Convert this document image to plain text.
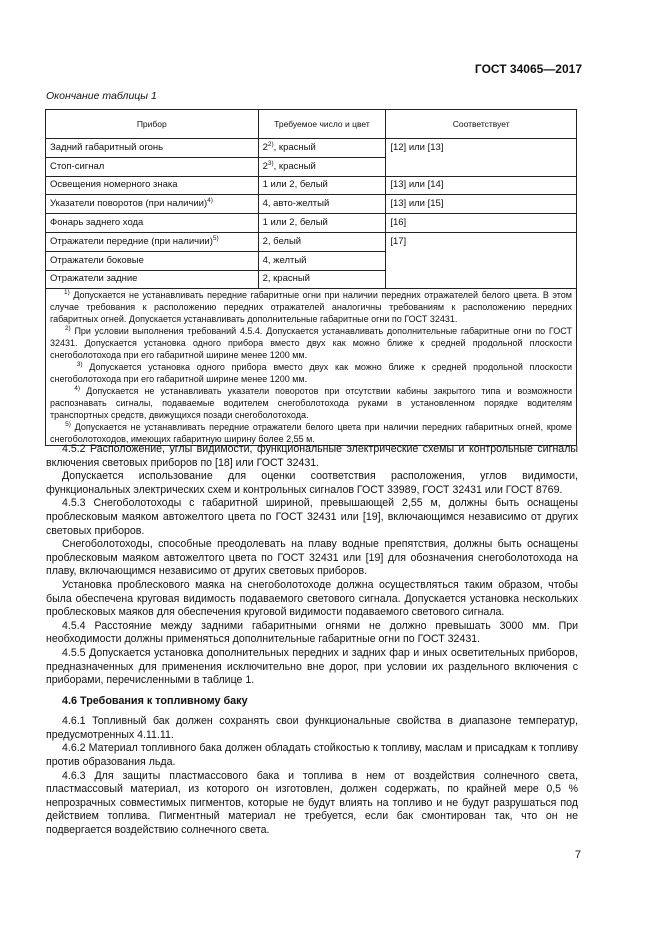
ГОСТ 34065—2017
Окончание таблицы 1
Прибор	Требуемое число и цвет	Соответствует
Задний габаритный огонь	2$^{2)}$, красный	[12] или [13]
Стоп-сигнал	2$^{3)}$, красный	
Освещения номерного знака	1 или 2, белый	[13] или [14]
Указатели поворотов (при наличии)$^{4)}$	4, авто-желтый	[13] или [15]
Фонарь заднего хода	1 или 2, белый	[16]
Отражатели передние (при наличии)$^{5)}$	2, белый	[17]
Отражатели боковые	4, желтый	
Отражатели задние	2, красный	

$^{1)}$ Допускается не устанавливать передние габаритные огни при наличии передних отражателей белого цвета. В этом случае требования к расположению передних отражателей аналогичны требованиям к расположению передних габаритных огней. Допускается устанавливать дополнительные габаритные огни по ГОСТ 32431.
$^{2)}$ При условии выполнения требований 4.5.4. Допускается устанавливать дополнительные габаритные огни по ГОСТ 32431. Допускается установка одного прибора вместо двух как можно ближе к средней продольной плоскости снегоболотохода при его габаритной ширине менее 1200 мм.
$^{3)}$ Допускается установка одного прибора вместо двух как можно ближе к средней продольной плоскости снегоболотохода при его габаритной ширине менее 1200 мм.
$^{4)}$ Допускается не устанавливать указатели поворотов при отсутствии кабины закрытого типа и возможности распознавать сигналы, подаваемые водителем снегоболотохода руками в установленном порядке водителям транспортных средств, движущихся позади снегоболотохода.
$^{5)}$ Допускается не устанавливать передние отражатели белого цвета при наличии передних габаритных огней, кроме снегоболотоходов, имеющих габаритную ширину более 2,55 м.		

4.5.2 Расположение, углы видимости, функциональные электрические схемы и контрольные сигналы включения световых приборов по [18] или ГОСТ 32431.

Допускается использование для оценки соответствия расположения, углов видимости, функциональных электрических схем и контрольных сигналов ГОСТ 33989, ГОСТ 32431 или ГОСТ 8769.

4.5.3 Снегоболотоходы с габаритной шириной, превышающей 2,55 м, должны быть оснащены проблесковым маяком автожелтого цвета по ГОСТ 32431 или [19], включающимся независимо от других световых приборов.

Снегоболотоходы, способные преодолевать на плаву водные препятствия, должны быть оснащены проблесковым маяком автожелтого цвета по ГОСТ 32431 или [19] для обозначения снегоболотохода на плаву, включающимся независимо от других световых приборов.

Установка проблескового маяка на снегоболотоходе должна осуществляться таким образом, чтобы была обеспечена круговая видимость подаваемого светового сигнала. Допускается установка нескольких проблесковых маяков для обеспечения круговой видимости подаваемого светового сигнала.

4.5.4 Расстояние между задними габаритными огнями не должно превышать 3000 мм. При необходимости должны применяться дополнительные габаритные огни по ГОСТ 32431.

4.5.5 Допускается установка дополнительных передних и задних фар и иных осветительных приборов, предназначенных для применения исключительно вне дорог, при условии их раздельного включения с приборами, перечисленными в таблице 1.

4.6 Требования к топливному баку

4.6.1 Топливный бак должен сохранять свои функциональные свойства в диапазоне температур, предусмотренных 4.11.11.

4.6.2 Материал топливного бака должен обладать стойкостью к топливу, маслам и присадкам к топливу против образования льда.

4.6.3 Для защиты пластмассового бака и топлива в нем от воздействия солнечного света, пластмассовый материал, из которого он изготовлен, должен содержать, по крайней мере 0,5 % непрозрачных совместимых пигментов, которые не будут влиять на топливо и не будут разрушаться под действием топлива. Пигментный материал не требуется, если бак смонтирован так, что он не подвергается воздействию солнечного света.

7
